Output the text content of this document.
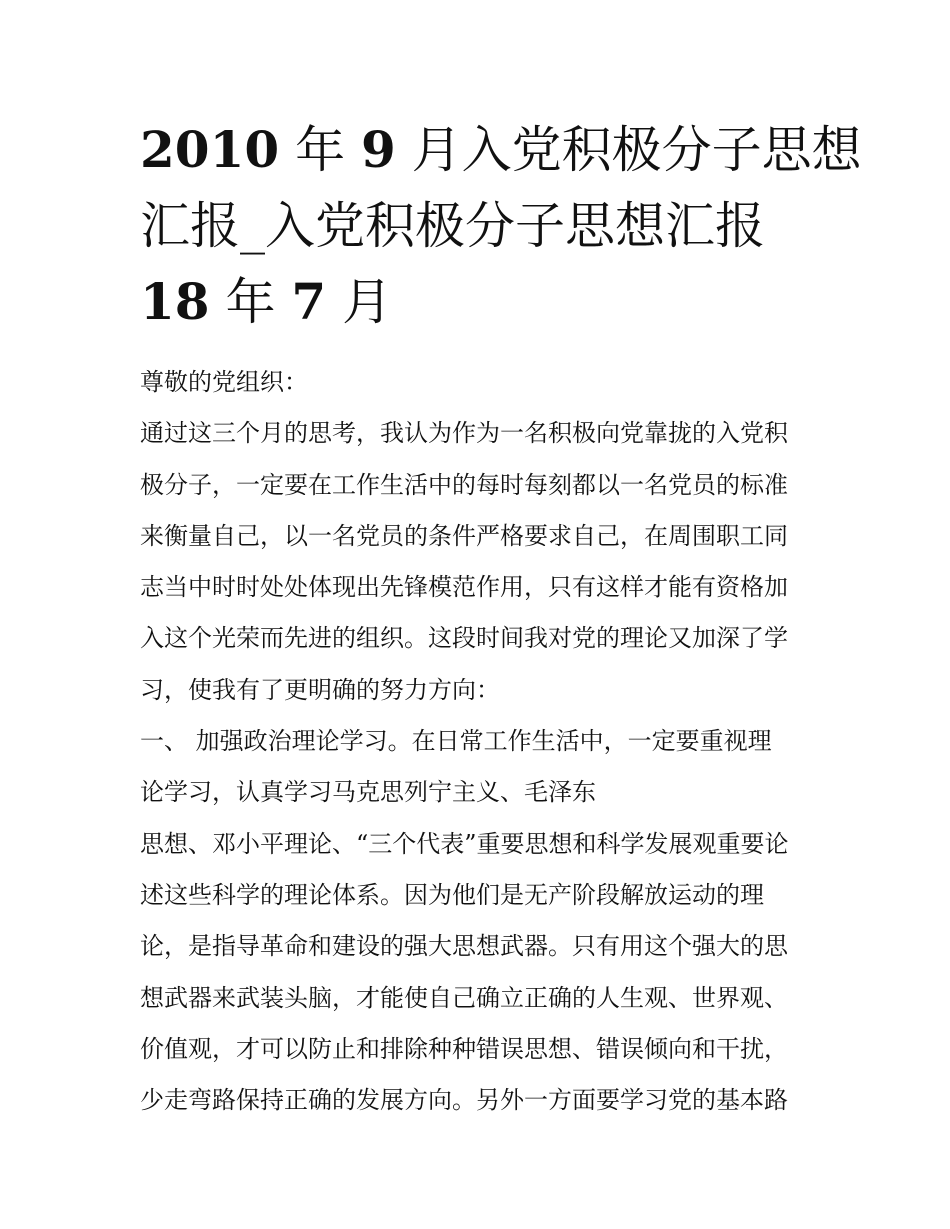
2010 年 9 月入党积极分子思想
汇报_入党积极分子思想汇报
18 年 7 月
尊敬的党组织：
通过这三个月的思考，我认为作为一名积极向党靠拢的入党积
极分子，一定要在工作生活中的每时每刻都以一名党员的标准
来衡量自己，以一名党员的条件严格要求自己，在周围职工同
志当中时时处处体现出先锋模范作用，只有这样才能有资格加
入这个光荣而先进的组织。这段时间我对党的理论又加深了学
习，使我有了更明确的努力方向：
一、 加强政治理论学习。在日常工作生活中，一定要重视理
论学习，认真学习马克思列宁主义、毛泽东
思想、邓小平理论、“三个代表”重要思想和科学发展观重要论
述这些科学的理论体系。因为他们是无产阶段解放运动的理
论，是指导革命和建设的强大思想武器。只有用这个强大的思
想武器来武装头脑，才能使自己确立正确的人生观、世界观、
价值观，才可以防止和排除种种错误思想、错误倾向和干扰，
少走弯路保持正确的发展方向。另外一方面要学习党的基本路
